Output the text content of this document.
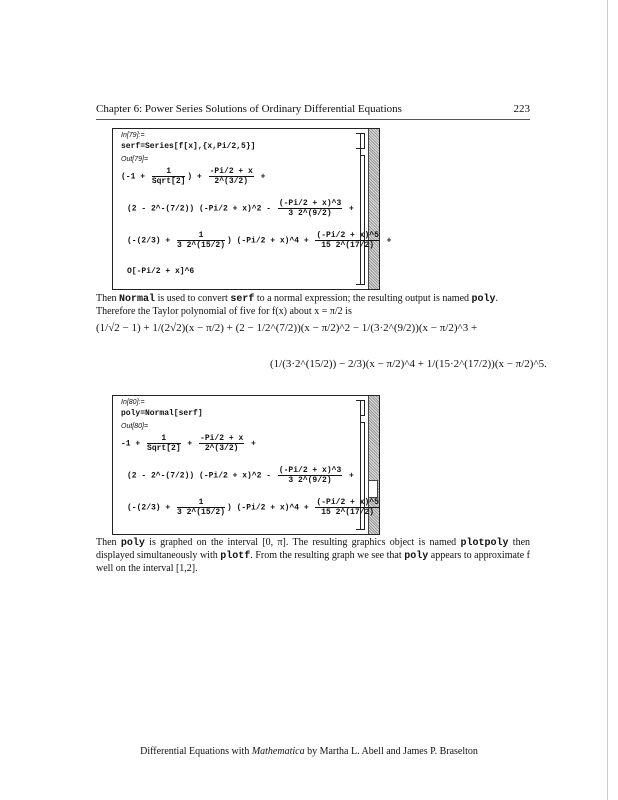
Chapter 6: Power Series Solutions of Ordinary Differential Equations	223
In[79]:=
serf=Series[f[x],{x,Pi/2,5}]
Out[79]=
(-1 +
1
Sqrt[2] ) + $\frac{-Pi/2 + x}{2\^{}(3/2)}$ +
(2 - 2^-(7/2)) (-Pi/2 + x)^2 - $\frac{(-Pi/2 + x)\^{}3}{3 2\^{}(9/2)}$ +
($-(2/3) + \frac{1}{3 2\^{}(15/2)}$ ) (-Pi/2 + x)^4 + $\frac{(-Pi/2 + x)\^{}5}{15 2\^{}(17/2)}$ +
O[-Pi/2 + x]^6
Then Normal is used to convert serf to a normal expression; the resulting output is named poly.
Therefore the Taylor polynomial of five for f(x) about x = π/2 is
(1/√2 − 1) + 1/(2√2)(x − π/2) + (2 − 1/2^(7/2))(x − π/2)^2 − 1/(3·2^(9/2))(x − π/2)^3 +
(1/(3·2^(15/2)) − 2/3)(x − π/2)^4 + 1/(15·2^(17/2))(x − π/2)^5.
In[80]:=
poly=Normal[serf]
Out[80]=
-1 +
1
Sqrt[2] + $\frac{-Pi/2 + x}{2\^{}(3/2)}$ +
(2 - 2^-(7/2)) (-Pi/2 + x)^2 - $\frac{(-Pi/2 + x)\^{}3}{3 2\^{}(9/2)}$ +
($-(2/3) + \frac{1}{3 2\^{}(15/2)}$ ) (-Pi/2 + x)^4 + $\frac{(-Pi/2 + x)\^{}5}{15 2\^{}(17/2)}$
Then poly is graphed on the interval [0, π]. The resulting graphics object is named plotpoly then displayed simultaneously with plotf. From the resulting graph we see that poly appears to approximate f well on the interval [1,2].
Differential Equations with Mathematica by Martha L. Abell and James P. Braselton
